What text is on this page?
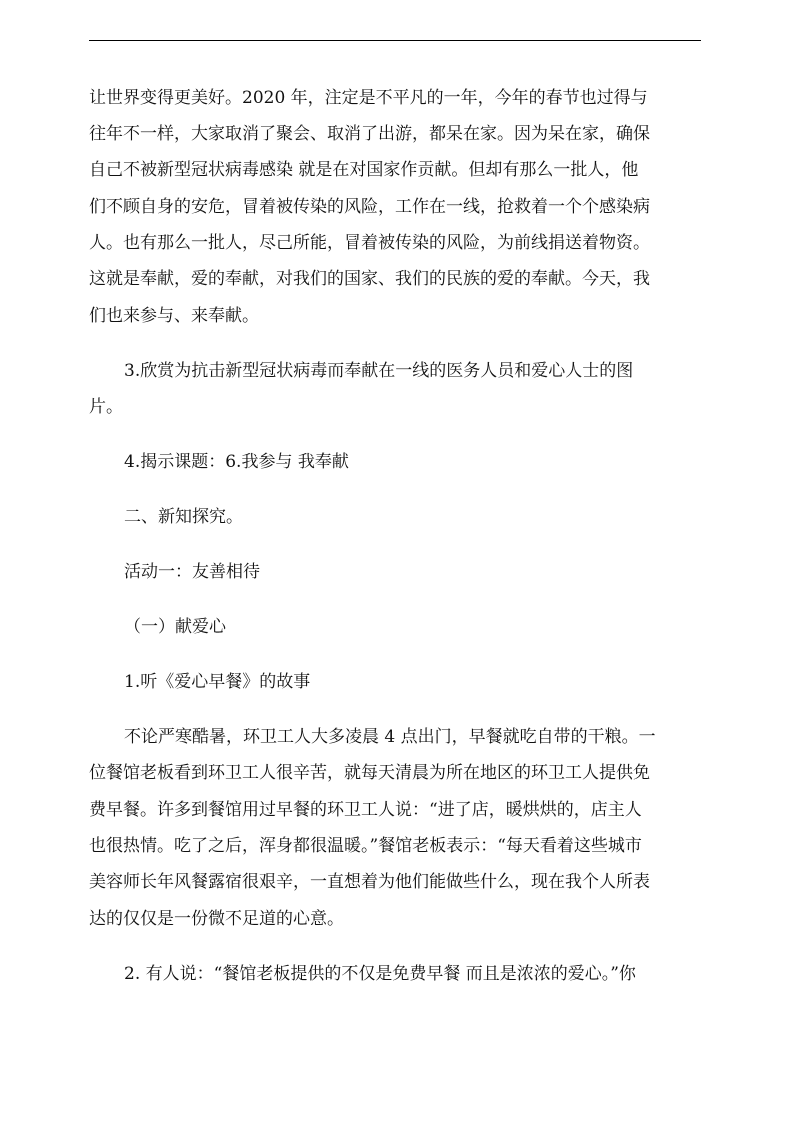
让世界变得更美好。2020 年，注定是不平凡的一年，今年的春节也过得与
往年不一样，大家取消了聚会、取消了出游，都呆在家。因为呆在家，确保
自己不被新型冠状病毒感染 就是在对国家作贡献。但却有那么一批人，他
们不顾自身的安危，冒着被传染的风险，工作在一线，抢救着一个个感染病
人。也有那么一批人，尽己所能，冒着被传染的风险，为前线捐送着物资。
这就是奉献，爱的奉献，对我们的国家、我们的民族的爱的奉献。今天，我
们也来参与、来奉献。
3.欣赏为抗击新型冠状病毒而奉献在一线的医务人员和爱心人士的图
片。
4.揭示课题：6.我参与 我奉献
二、新知探究。
活动一：友善相待
（一）献爱心
1.听《爱心早餐》的故事
不论严寒酷暑，环卫工人大多凌晨 4 点出门，早餐就吃自带的干粮。一
位餐馆老板看到环卫工人很辛苦，就每天清晨为所在地区的环卫工人提供免
费早餐。许多到餐馆用过早餐的环卫工人说：“进了店，暖烘烘的，店主人
也很热情。吃了之后，浑身都很温暖。”餐馆老板表示：“每天看着这些城市
美容师长年风餐露宿很艰辛，一直想着为他们能做些什么，现在我个人所表
达的仅仅是一份微不足道的心意。
2. 有人说：“餐馆老板提供的不仅是免费早餐 而且是浓浓的爱心。”你
